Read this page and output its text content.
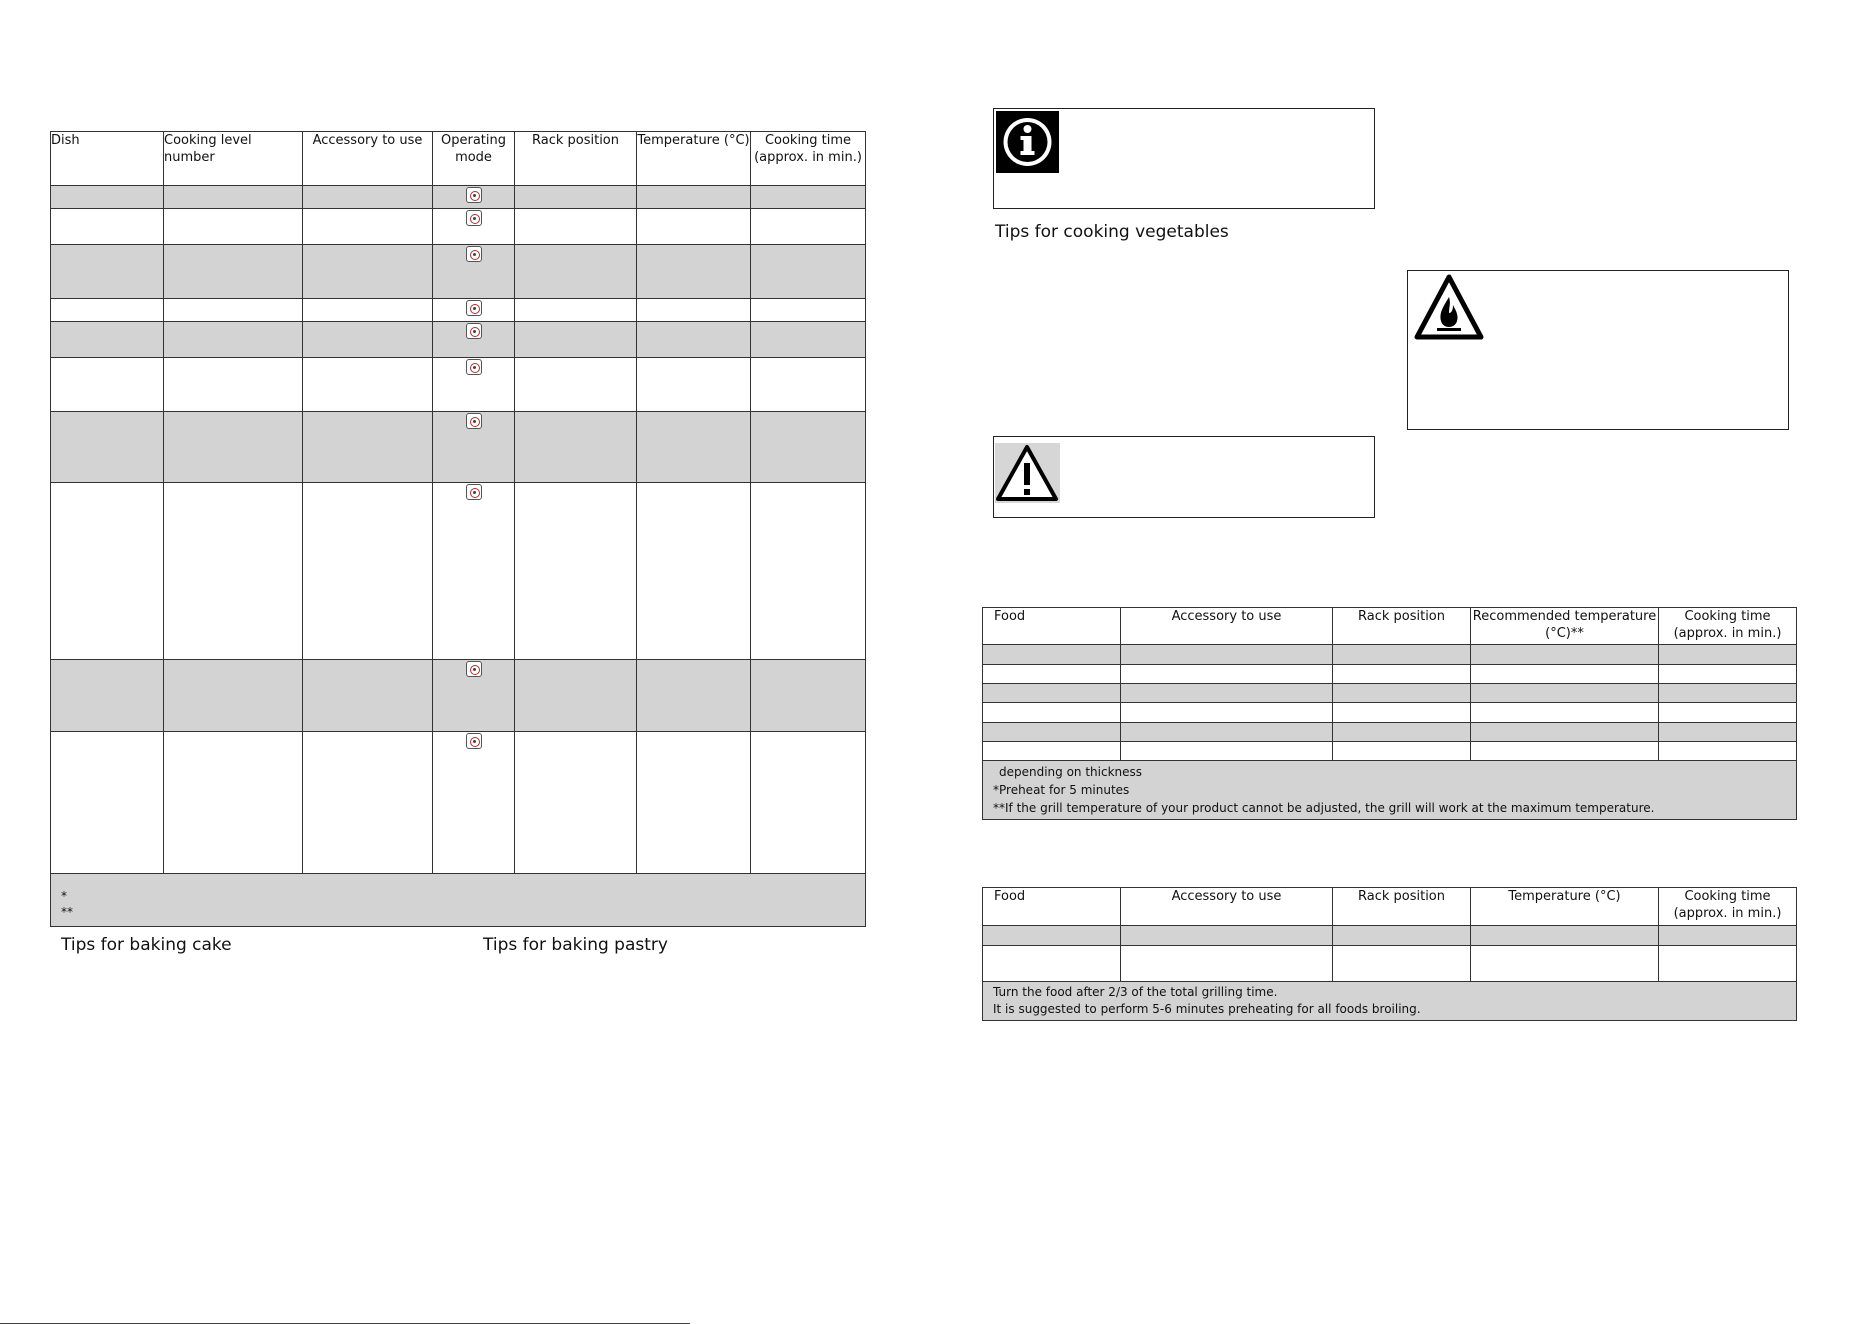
Dish	Cooking level number	Accessory to use	Operating mode	Rack position	Temperature (°C)	Cooking time (approx. in min.)

*
**						
Tips for baking cake	Tips for baking pastry
Tips for cooking vegetables
Food	Accessory to use	Rack position	Recommended temperature (°C)**	Cooking time (approx. in min.)

depending on thickness
*Preheat for 5 minutes
**If the grill temperature of your product cannot be adjusted, the grill will work at the maximum temperature.				
Food	Accessory to use	Rack position	Temperature (°C)	Cooking time (approx. in min.)

Turn the food after 2/3 of the total grilling time.
It is suggested to perform 5-6 minutes preheating for all foods broiling.				
